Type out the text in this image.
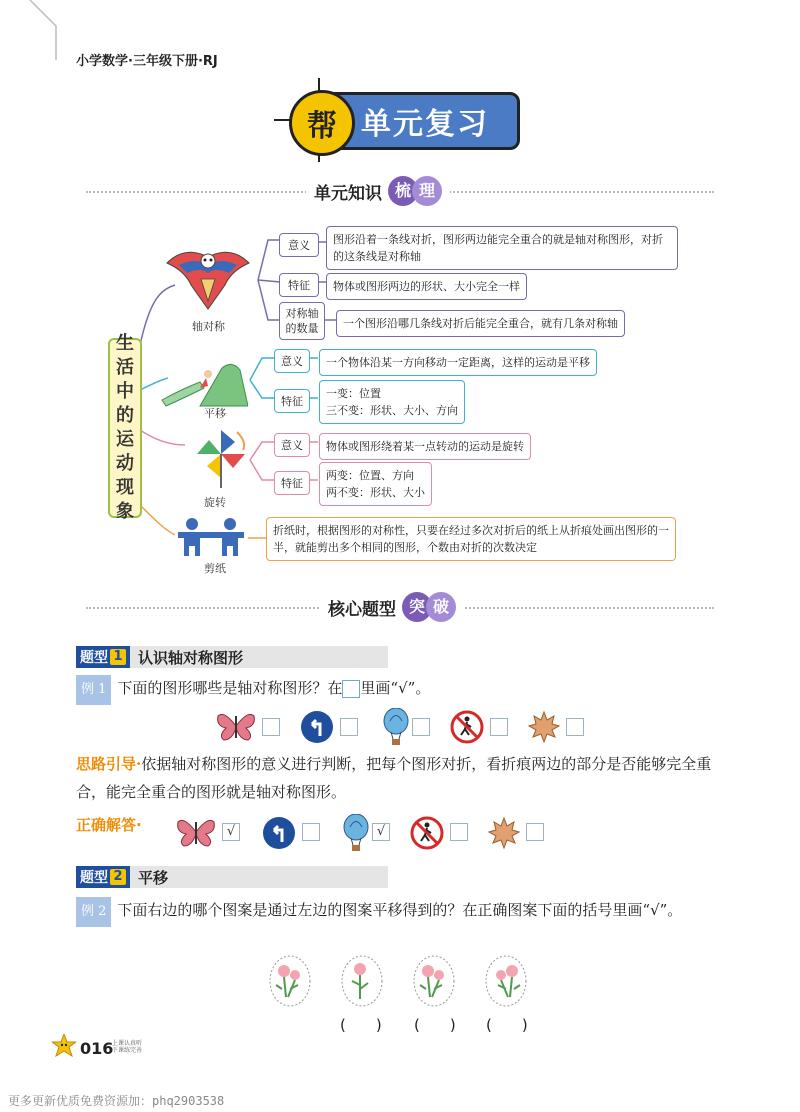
小学数学·三年级下册·RJ
帮 单元复习
单元知识 梳 理
生
活
中
的
运
动
现
象
轴对称
意义	图形沿着一条线对折，图形两边能完全重合的就是轴对称图形，对折的这条线是对称轴
特征	物体或图形两边的形状、大小完全一样
对称轴的数量	一个图形沿哪几条线对折后能完全重合，就有几条对称轴
平移
意义	一个物体沿某一方向移动一定距离，这样的运动是平移
特征
一变：位置
三不变：形状、大小、方向
旋转
意义	物体或图形绕着某一点转动的运动是旋转
特征
两变：位置、方向
两不变：形状、大小
剪纸
折纸时，根据图形的对称性，只要在经过多次对折后的纸上从折痕处画出图形的一半，就能剪出多个相同的图形，个数由对折的次数决定
核心题型 突 破
题型 1 认识轴对称图形
例 1 下面的图形哪些是轴对称图形？在 里画“√”。
思路引导·依据轴对称图形的意义进行判断，把每个图形对折，看折痕两边的部分是否能够完全重合，能完全重合的图形就是轴对称图形。
正确解答·	√	√
题型 2 平移
例 2 下面右边的哪个图案是通过左边的图案平移得到的？在正确图案下面的括号里画“√”。
(　　) (　　) (　　)
016
上课认真听
下课练完善
更多更新优质免费资源加：phq2903538
